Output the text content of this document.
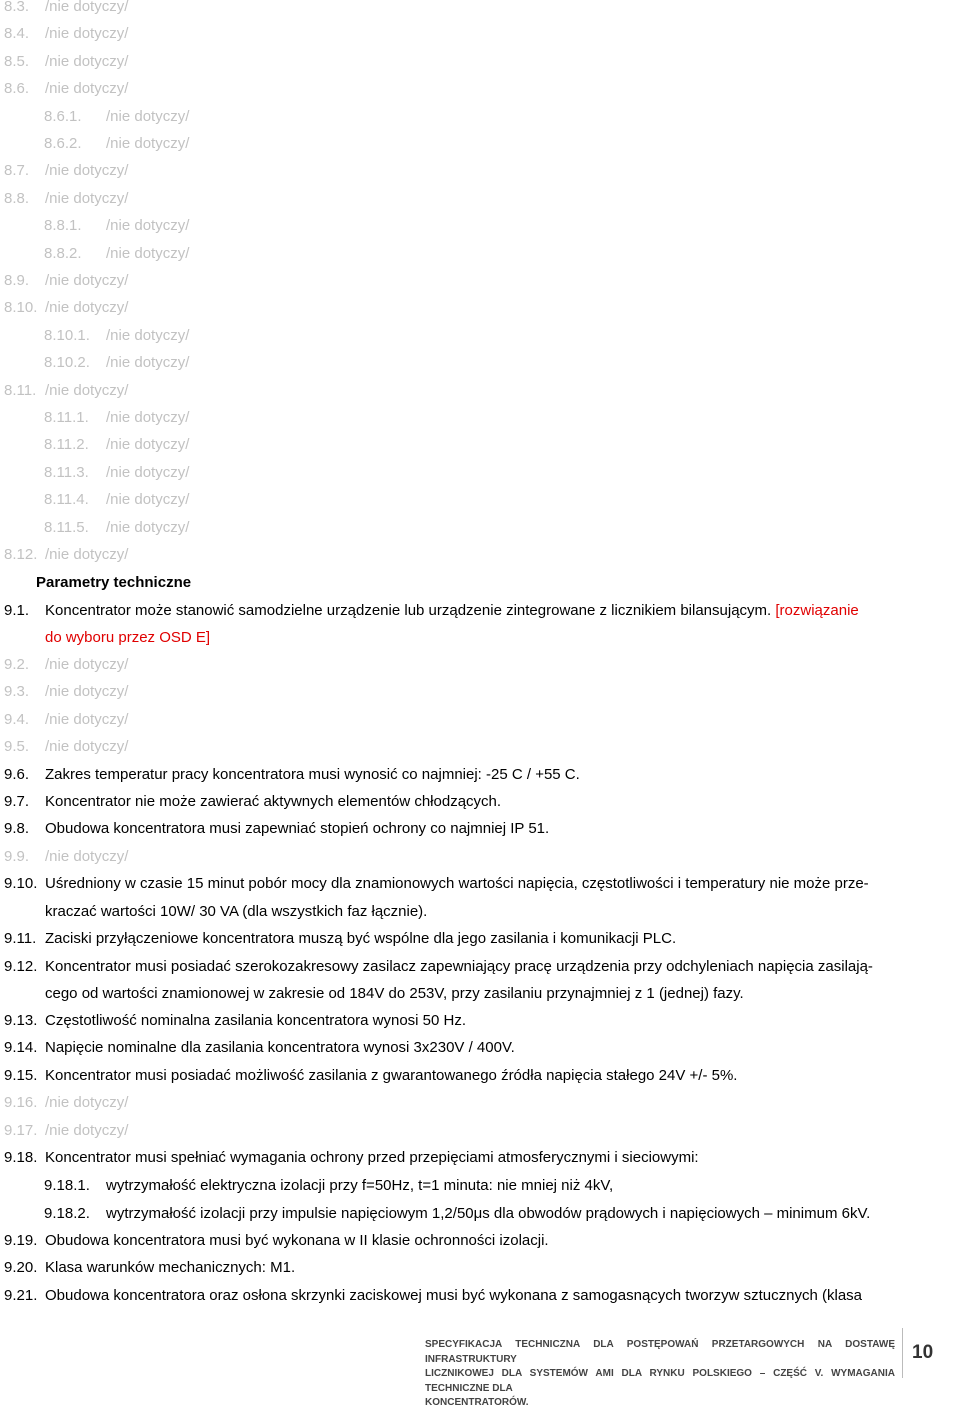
8.3. /nie dotyczy/
8.4. /nie dotyczy/
8.5. /nie dotyczy/
8.6. /nie dotyczy/
8.6.1. /nie dotyczy/
8.6.2. /nie dotyczy/
8.7. /nie dotyczy/
8.8. /nie dotyczy/
8.8.1. /nie dotyczy/
8.8.2. /nie dotyczy/
8.9. /nie dotyczy/
8.10. /nie dotyczy/
8.10.1. /nie dotyczy/
8.10.2. /nie dotyczy/
8.11. /nie dotyczy/
8.11.1. /nie dotyczy/
8.11.2. /nie dotyczy/
8.11.3. /nie dotyczy/
8.11.4. /nie dotyczy/
8.11.5. /nie dotyczy/
8.12. /nie dotyczy/
Parametry techniczne
9.1. Koncentrator może stanowić samodzielne urządzenie lub urządzenie zintegrowane z licznikiem bilansującym. [rozwiązanie
do wyboru przez OSD E]
9.2. /nie dotyczy/
9.3. /nie dotyczy/
9.4. /nie dotyczy/
9.5. /nie dotyczy/
9.6. Zakres temperatur pracy koncentratora musi wynosić co najmniej: -25 C / +55 C.
9.7. Koncentrator nie może zawierać aktywnych elementów chłodzących.
9.8. Obudowa koncentratora musi zapewniać stopień ochrony co najmniej IP 51.
9.9. /nie dotyczy/
9.10. Uśredniony w czasie 15 minut pobór mocy dla znamionowych wartości napięcia, częstotliwości i temperatury nie może prze-
kraczać wartości 10W/ 30 VA (dla wszystkich faz łącznie).
9.11. Zaciski przyłączeniowe koncentratora muszą być wspólne dla jego zasilania i komunikacji PLC.
9.12. Koncentrator musi posiadać szerokozakresowy zasilacz zapewniający pracę urządzenia przy odchyleniach napięcia zasilają-
cego od wartości znamionowej w zakresie od 184V do 253V, przy zasilaniu przynajmniej z 1 (jednej) fazy.
9.13. Częstotliwość nominalna zasilania koncentratora wynosi 50 Hz.
9.14. Napięcie nominalne dla zasilania koncentratora wynosi 3x230V / 400V.
9.15. Koncentrator musi posiadać możliwość zasilania z gwarantowanego źródła napięcia stałego 24V +/- 5%.
9.16. /nie dotyczy/
9.17. /nie dotyczy/
9.18. Koncentrator musi spełniać wymagania ochrony przed przepięciami atmosferycznymi i sieciowymi:
9.18.1. wytrzymałość elektryczna izolacji przy f=50Hz, t=1 minuta: nie mniej niż 4kV,
9.18.2. wytrzymałość izolacji przy impulsie napięciowym 1,2/50μs dla obwodów prądowych i napięciowych – minimum 6kV.
9.19. Obudowa koncentratora musi być wykonana w II klasie ochronności izolacji.
9.20. Klasa warunków mechanicznych: M1.
9.21. Obudowa koncentratora oraz osłona skrzynki zaciskowej musi być wykonana z samogasnących tworzyw sztucznych (klasa
SPECYFIKACJA TECHNICZNA DLA POSTĘPOWAŃ PRZETARGOWYCH NA DOSTAWĘ INFRASTRUKTURY
LICZNIKOWEJ DLA SYSTEMÓW AMI DLA RYNKU POLSKIEGO – CZĘŚĆ V. WYMAGANIA TECHNICZNE DLA
KONCENTRATORÓW.
10
